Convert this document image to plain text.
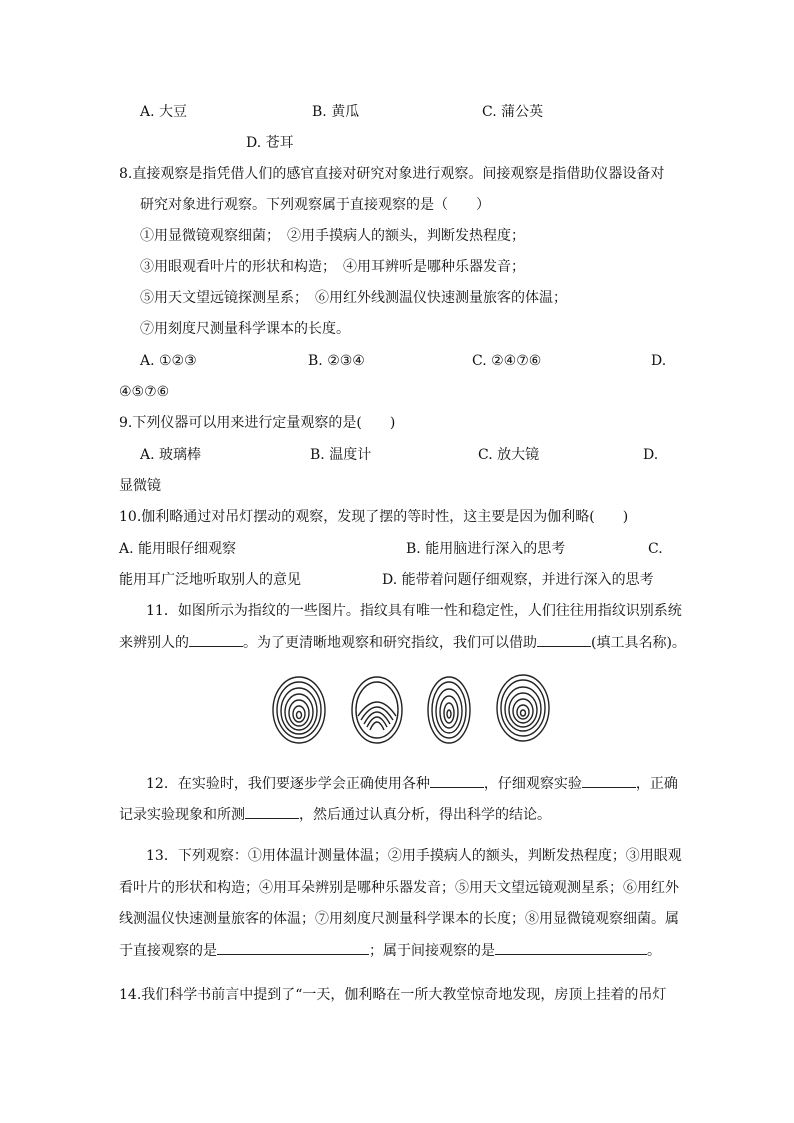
A. 大豆	B. 黄瓜	C. 蒲公英
D. 苍耳
8.直接观察是指凭借人们的感官直接对研究对象进行观察。间接观察是指借助仪器设备对
研究对象进行观察。下列观察属于直接观察的是（　　）
①用显微镜观察细菌；　②用手摸病人的额头，判断发热程度；
③用眼观看叶片的形状和构造；　④用耳辨听是哪种乐器发音；
⑤用天文望远镜探测星系；　⑥用红外线测温仪快速测量旅客的体温；
⑦用刻度尺测量科学课本的长度。
A. ①②③	B. ②③④	C. ②④⑦⑥	D.
④⑤⑦⑥
9.下列仪器可以用来进行定量观察的是(　　)
A. 玻璃棒	B. 温度计	C. 放大镜	D.
显微镜
10.伽利略通过对吊灯摆动的观察，发现了摆的等时性，这主要是因为伽利略(　　)
A. 能用眼仔细观察	B. 能用脑进行深入的思考	C.
能用耳广泛地听取别人的意见	D. 能带着问题仔细观察，并进行深入的思考
11．如图所示为指纹的一些图片。指纹具有唯一性和稳定性，人们往往用指纹识别系统
来辨别人的	。为了更清晰地观察和研究指纹，我们可以借助	(填工具名称)。
12．在实验时，我们要逐步学会正确使用各种	，仔细观察实验	，正确
记录实验现象和所测	，然后通过认真分析，得出科学的结论。
13．下列观察：①用体温计测量体温；②用手摸病人的额头，判断发热程度；③用眼观
看叶片的形状和构造；④用耳朵辨别是哪种乐器发音；⑤用天文望远镜观测星系；⑥用红外
线测温仪快速测量旅客的体温；⑦用刻度尺测量科学课本的长度；⑧用显微镜观察细菌。属
于直接观察的是	；属于间接观察的是	。
14.我们科学书前言中提到了“一天，伽利略在一所大教堂惊奇地发现，房顶上挂着的吊灯
